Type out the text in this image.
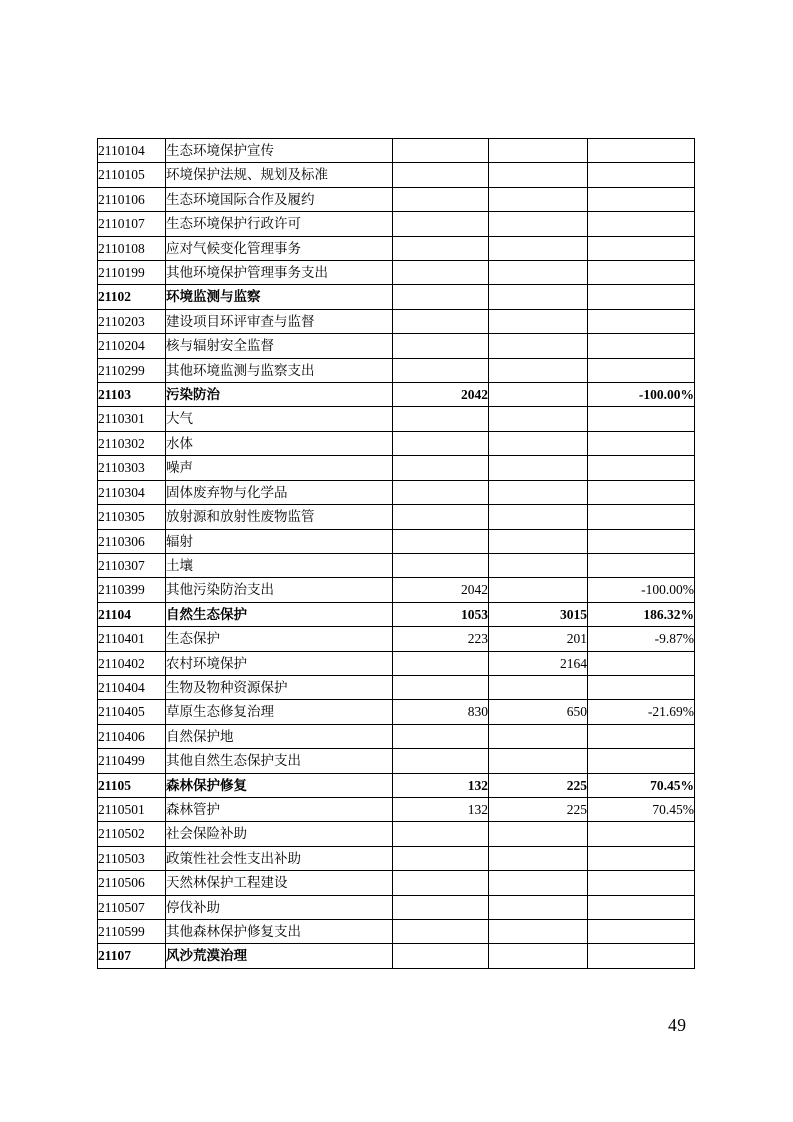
2110104	生态环境保护宣传			
2110105	环境保护法规、规划及标准			
2110106	生态环境国际合作及履约			
2110107	生态环境保护行政许可			
2110108	应对气候变化管理事务			
2110199	其他环境保护管理事务支出			
21102	环境监测与监察			
2110203	建设项目环评审查与监督			
2110204	核与辐射安全监督			
2110299	其他环境监测与监察支出			
21103	污染防治	2042		-100.00%
2110301	大气			
2110302	水体			
2110303	噪声			
2110304	固体废弃物与化学品			
2110305	放射源和放射性废物监管			
2110306	辐射			
2110307	土壤			
2110399	其他污染防治支出	2042		-100.00%
21104	自然生态保护	1053	3015	186.32%
2110401	生态保护	223	201	-9.87%
2110402	农村环境保护		2164	
2110404	生物及物种资源保护			
2110405	草原生态修复治理	830	650	-21.69%
2110406	自然保护地			
2110499	其他自然生态保护支出			
21105	森林保护修复	132	225	70.45%
2110501	森林管护	132	225	70.45%
2110502	社会保险补助			
2110503	政策性社会性支出补助			
2110506	天然林保护工程建设			
2110507	停伐补助			
2110599	其他森林保护修复支出			
21107	风沙荒漠治理			
49
